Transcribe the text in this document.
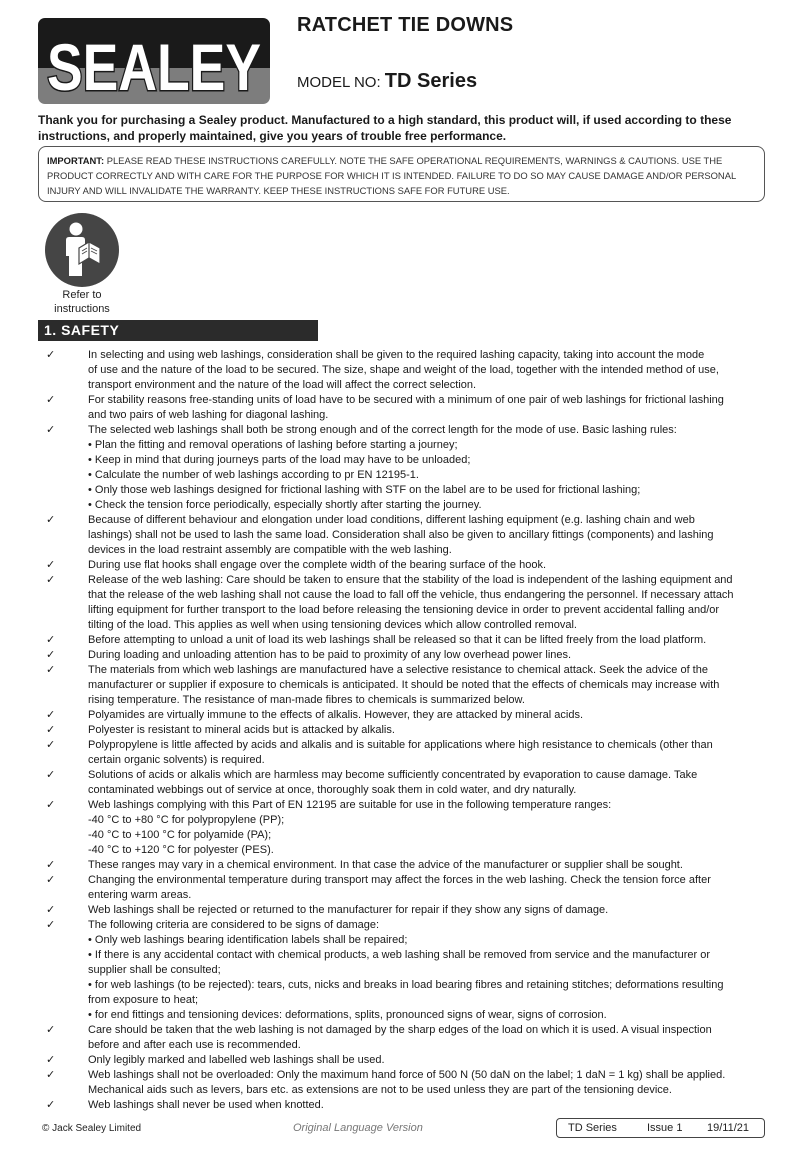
SEALEY
RATCHET TIE DOWNS
MODEL NO: TD Series
Thank you for purchasing a Sealey product. Manufactured to a high standard, this product will, if used according to these instructions, and properly maintained, give you years of trouble free performance.
IMPORTANT: PLEASE READ THESE INSTRUCTIONS CAREFULLY. NOTE THE SAFE OPERATIONAL REQUIREMENTS, WARNINGS & CAUTIONS. USE THE PRODUCT CORRECTLY AND WITH CARE FOR THE PURPOSE FOR WHICH IT IS INTENDED. FAILURE TO DO SO MAY CAUSE DAMAGE AND/OR PERSONAL INJURY AND WILL INVALIDATE THE WARRANTY. KEEP THESE INSTRUCTIONS SAFE FOR FUTURE USE.
Refer to
instructions
1. SAFETY
✓	In selecting and using web lashings, consideration shall be given to the required lashing capacity, taking into account the mode
of use and the nature of the load to be secured. The size, shape and weight of the load, together with the intended method of use,
transport environment and the nature of the load will affect the correct selection.
✓	For stability reasons free-standing units of load have to be secured with a minimum of one pair of web lashings for frictional lashing
and two pairs of web lashing for diagonal lashing.
✓	The selected web lashings shall both be strong enough and of the correct length for the mode of use. Basic lashing rules:
• Plan the fitting and removal operations of lashing before starting a journey;
• Keep in mind that during journeys parts of the load may have to be unloaded;
• Calculate the number of web lashings according to pr EN 12195-1.
• Only those web lashings designed for frictional lashing with STF on the label are to be used for frictional lashing;
• Check the tension force periodically, especially shortly after starting the journey.
✓	Because of different behaviour and elongation under load conditions, different lashing equipment (e.g. lashing chain and web
lashings) shall not be used to lash the same load. Consideration shall also be given to ancillary fittings (components) and lashing
devices in the load restraint assembly are compatible with the web lashing.
✓	During use flat hooks shall engage over the complete width of the bearing surface of the hook.
✓	Release of the web lashing: Care should be taken to ensure that the stability of the load is independent of the lashing equipment and
that the release of the web lashing shall not cause the load to fall off the vehicle, thus endangering the personnel. If necessary attach
lifting equipment for further transport to the load before releasing the tensioning device in order to prevent accidental falling and/or
tilting of the load. This applies as well when using tensioning devices which allow controlled removal.
✓	Before attempting to unload a unit of load its web lashings shall be released so that it can be lifted freely from the load platform.
✓	During loading and unloading attention has to be paid to proximity of any low overhead power lines.
✓	The materials from which web lashings are manufactured have a selective resistance to chemical attack. Seek the advice of the
manufacturer or supplier if exposure to chemicals is anticipated. It should be noted that the effects of chemicals may increase with
rising temperature. The resistance of man-made fibres to chemicals is summarized below.
✓	Polyamides are virtually immune to the effects of alkalis. However, they are attacked by mineral acids.
✓	Polyester is resistant to mineral acids but is attacked by alkalis.
✓	Polypropylene is little affected by acids and alkalis and is suitable for applications where high resistance to chemicals (other than
certain organic solvents) is required.
✓	Solutions of acids or alkalis which are harmless may become sufficiently concentrated by evaporation to cause damage. Take
contaminated webbings out of service at once, thoroughly soak them in cold water, and dry naturally.
✓	Web lashings complying with this Part of EN 12195 are suitable for use in the following temperature ranges:
-40 °C to +80 °C for polypropylene (PP);
-40 °C to +100 °C for polyamide (PA);
-40 °C to +120 °C for polyester (PES).
✓	These ranges may vary in a chemical environment. In that case the advice of the manufacturer or supplier shall be sought.
✓	Changing the environmental temperature during transport may affect the forces in the web lashing. Check the tension force after
entering warm areas.
✓	Web lashings shall be rejected or returned to the manufacturer for repair if they show any signs of damage.
✓	The following criteria are considered to be signs of damage:
• Only web lashings bearing identification labels shall be repaired;
• If there is any accidental contact with chemical products, a web lashing shall be removed from service and the manufacturer or
supplier shall be consulted;
• for web lashings (to be rejected): tears, cuts, nicks and breaks in load bearing fibres and retaining stitches; deformations resulting
from exposure to heat;
• for end fittings and tensioning devices: deformations, splits, pronounced signs of wear, signs of corrosion.
✓	Care should be taken that the web lashing is not damaged by the sharp edges of the load on which it is used. A visual inspection
before and after each use is recommended.
✓	Only legibly marked and labelled web lashings shall be used.
✓	Web lashings shall not be overloaded: Only the maximum hand force of 500 N (50 daN on the label; 1 daN = 1 kg) shall be applied.
Mechanical aids such as levers, bars etc. as extensions are not to be used unless they are part of the tensioning device.
✓	Web lashings shall never be used when knotted.
© Jack Sealey Limited	Original Language Version	TD Series	Issue 1 19/11/21
